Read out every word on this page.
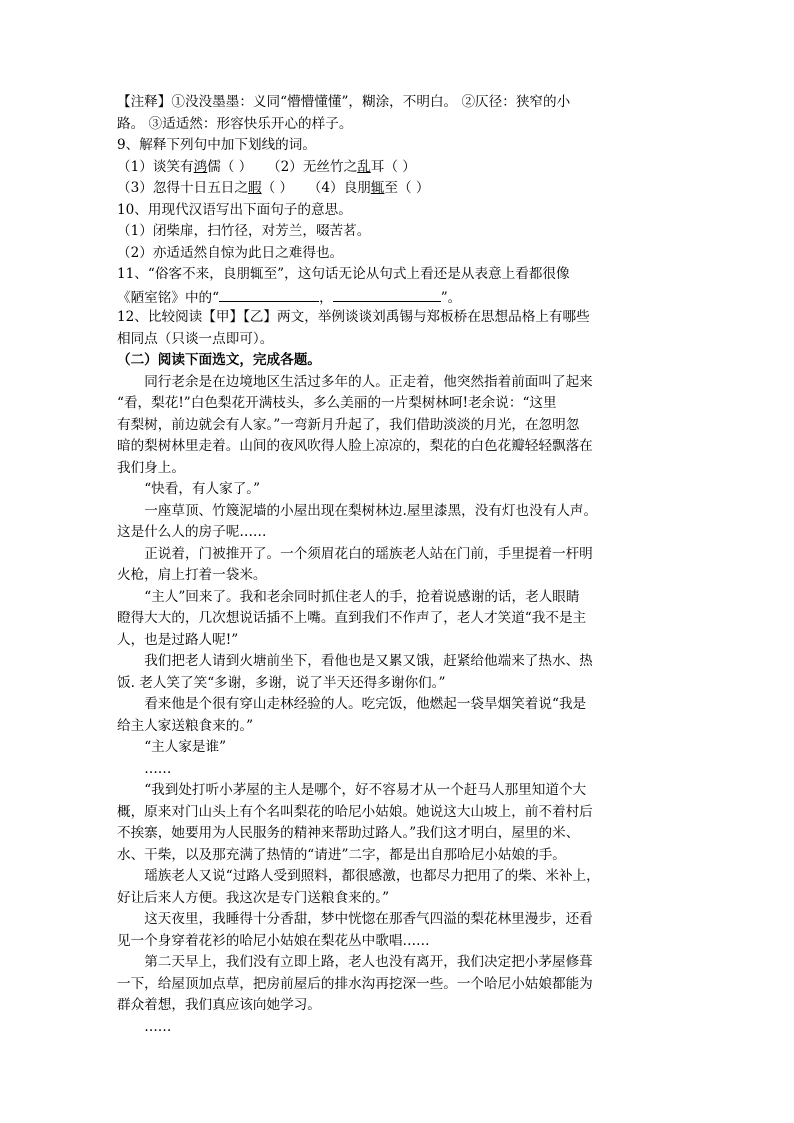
【注释】①没没墨墨：义同“懵懵懂懂”，糊涂，不明白。 ②仄径：狭窄的小
路。 ③适适然：形容快乐开心的样子。
9、解释下列句中加下划线的词。
（1）谈笑有鸿儒（ ） （2）无丝竹之乱耳（ ）
（3）忽得十日五日之暇（ ） （4）良朋辄至（ ）
10、用现代汉语写出下面句子的意思。
（1）闭柴扉，扫竹径，对芳兰，啜苦茗。
（2）亦适适然自惊为此日之难得也。
11、“俗客不来，良朋辄至”，这句话无论从句式上看还是从表意上看都很像
《陋室铭》中的“	，	”。
12、比较阅读【甲】【乙】两文，举例谈谈刘禹锡与郑板桥在思想品格上有哪些
相同点（只谈一点即可）。
（二）阅读下面选文，完成各题。
同行老余是在边境地区生活过多年的人。正走着，他突然指着前面叫了起来
“看，梨花!”白色梨花开满枝头，多么美丽的一片梨树林呵!老余说：“这里
有梨树，前边就会有人家。”一弯新月升起了，我们借助淡淡的月光，在忽明忽
暗的梨树林里走着。山间的夜风吹得人脸上凉凉的，梨花的白色花瓣轻轻飘落在
我们身上。
“快看，有人家了。”
一座草顶、竹篾泥墙的小屋出现在梨树林边.屋里漆黑，没有灯也没有人声。
这是什么人的房子呢……
正说着，门被推开了。一个须眉花白的瑶族老人站在门前，手里提着一杆明
火枪，肩上打着一袋米。
“主人”回来了。我和老余同时抓住老人的手，抢着说感谢的话，老人眼睛
瞪得大大的，几次想说话插不上嘴。直到我们不作声了，老人才笑道“我不是主
人，也是过路人呢!”
我们把老人请到火塘前坐下，看他也是又累又饿，赶紧给他端来了热水、热
饭. 老人笑了笑“多谢，多谢，说了半天还得多谢你们。”
看来他是个很有穿山走林经验的人。吃完饭，他燃起一袋旱烟笑着说“我是
给主人家送粮食来的。”
“主人家是谁”
……
“我到处打听小茅屋的主人是哪个，好不容易才从一个赶马人那里知道个大
概，原来对门山头上有个名叫梨花的哈尼小姑娘。她说这大山坡上，前不着村后
不挨寨，她要用为人民服务的精神来帮助过路人。”我们这才明白，屋里的米、
水、干柴，以及那充满了热情的“请进”二字，都是出自那哈尼小姑娘的手。
瑶族老人又说“过路人受到照料，都很感激，也都尽力把用了的柴、米补上，
好让后来人方便。我这次是专门送粮食来的。”
这天夜里，我睡得十分香甜，梦中恍惚在那香气四溢的梨花林里漫步，还看
见一个身穿着花衫的哈尼小姑娘在梨花丛中歌唱……
第二天早上，我们没有立即上路，老人也没有离开，我们决定把小茅屋修葺
一下，给屋顶加点草，把房前屋后的排水沟再挖深一些。一个哈尼小姑娘都能为
群众着想，我们真应该向她学习。
……
